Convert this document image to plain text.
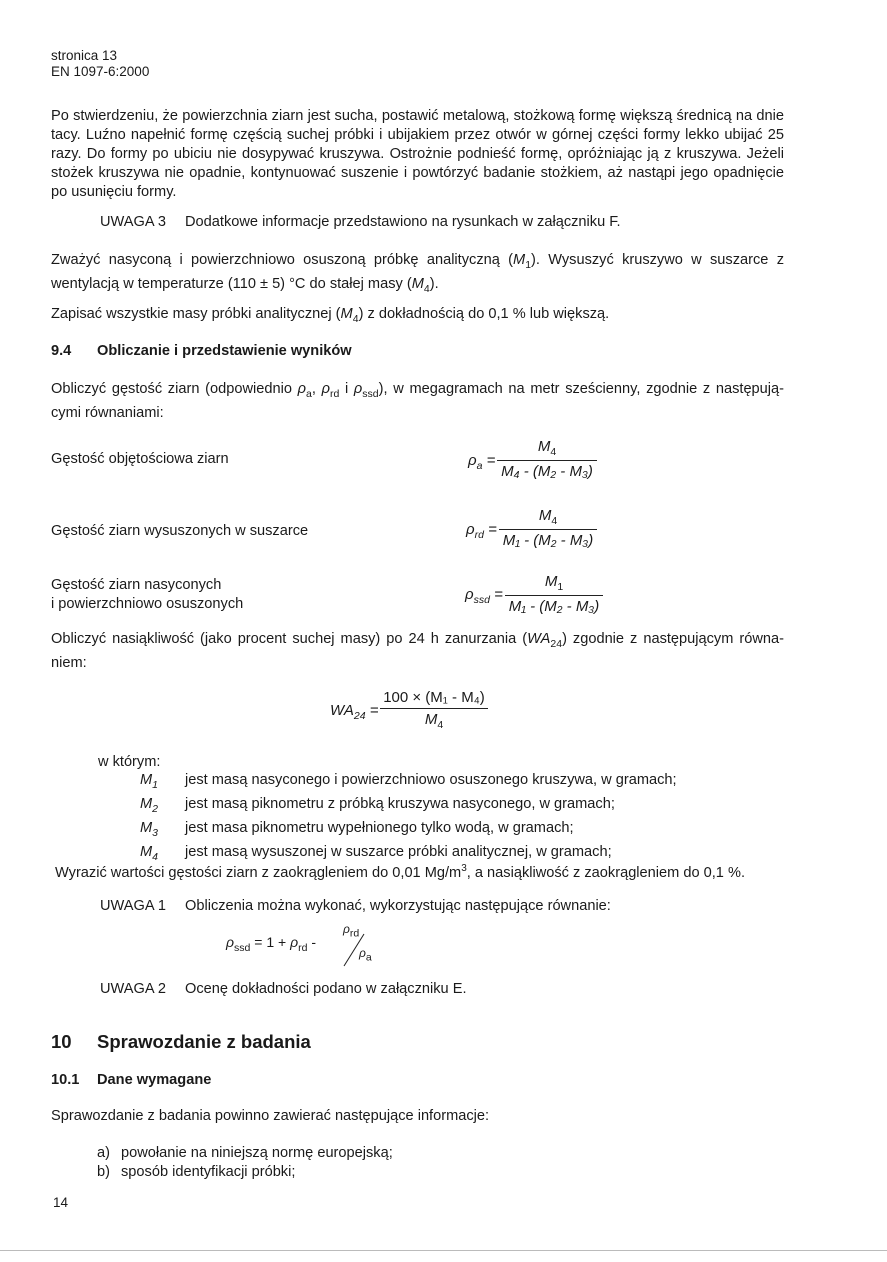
stronica 13
EN 1097-6:2000
Po stwierdzeniu, że powierzchnia ziarn jest sucha, postawić metalową, stożkową formę większą średnicą na dnie tacy. Luźno napełnić formę częścią suchej próbki i ubijakiem przez otwór w górnej części formy lekko ubijać 25 razy. Do formy po ubiciu nie dosypywać kruszywa. Ostrożnie podnieść formę, opróżniając ją z kruszywa. Jeżeli stożek kruszywa nie opadnie, kontynuować suszenie i powtórzyć badanie stożkiem, aż nastąpi jego opadnięcie po usunięciu formy.
UWAGA 3 Dodatkowe informacje przedstawiono na rysunkach w załączniku F.
Zważyć nasyconą i powierzchniowo osuszoną próbkę analityczną $(M_1)$. Wysuszyć kruszywo w suszarce z wentylacją w temperaturze (110 ± 5) °C do stałej masy $(M_4)$.
Zapisać wszystkie masy próbki analitycznej $(M_4)$ z dokładnością do 0,1 % lub większą.
9.4 Obliczanie i przedstawienie wyników
Obliczyć gęstość ziarn (odpowiednio $\rho_a$, $\rho_{rd}$ i $\rho_{ssd}$), w megagramach na metr sześcienny, zgodnie z następują-cymi równaniami:
Gęstość objętościowa ziarn	$\rho_a$ =
$M_4$
M₄ - (M₂ - M₃)
Gęstość ziarn wysuszonych w suszarce	$\rho_{rd}$ =
$M_4$
M₁ - (M₂ - M₃)
Gęstość ziarn nasyconych
i powierzchniowo osuszonych
$\rho_{ssd}$ =
$M_1$
M₁ - (M₂ - M₃)
Obliczyć nasiąkliwość (jako procent suchej masy) po 24 h zanurzania $(WA_{24})$ zgodnie z następującym równa-niem:
$WA_{24}$ =
100 × (M₁ - M₄)
$M_4$
w którym:
$M_1$	jest masą nasyconego i powierzchniowo osuszonego kruszywa, w gramach;
$M_2$	jest masą piknometru z próbką kruszywa nasyconego, w gramach;
$M_3$	jest masa piknometru wypełnionego tylko wodą, w gramach;
$M_4$	jest masą wysuszonej w suszarce próbki analitycznej, w gramach;
Wyrazić wartości gęstości ziarn z zaokrągleniem do 0,01 $Mg/m^3$, a nasiąkliwość z zaokrągleniem do 0,1 %.
UWAGA 1 Obliczenia można wykonać, wykorzystując następujące równanie:
$\rho_{ssd} = 1 + \rho_{rd}$ -
$\rho_{rd}$
$\rho_a$
UWAGA 2 Ocenę dokładności podano w załączniku E.
10 Sprawozdanie z badania
10.1 Dane wymagane
Sprawozdanie z badania powinno zawierać następujące informacje:
a) powołanie na niniejszą normę europejską;
b) sposób identyfikacji próbki;
14
